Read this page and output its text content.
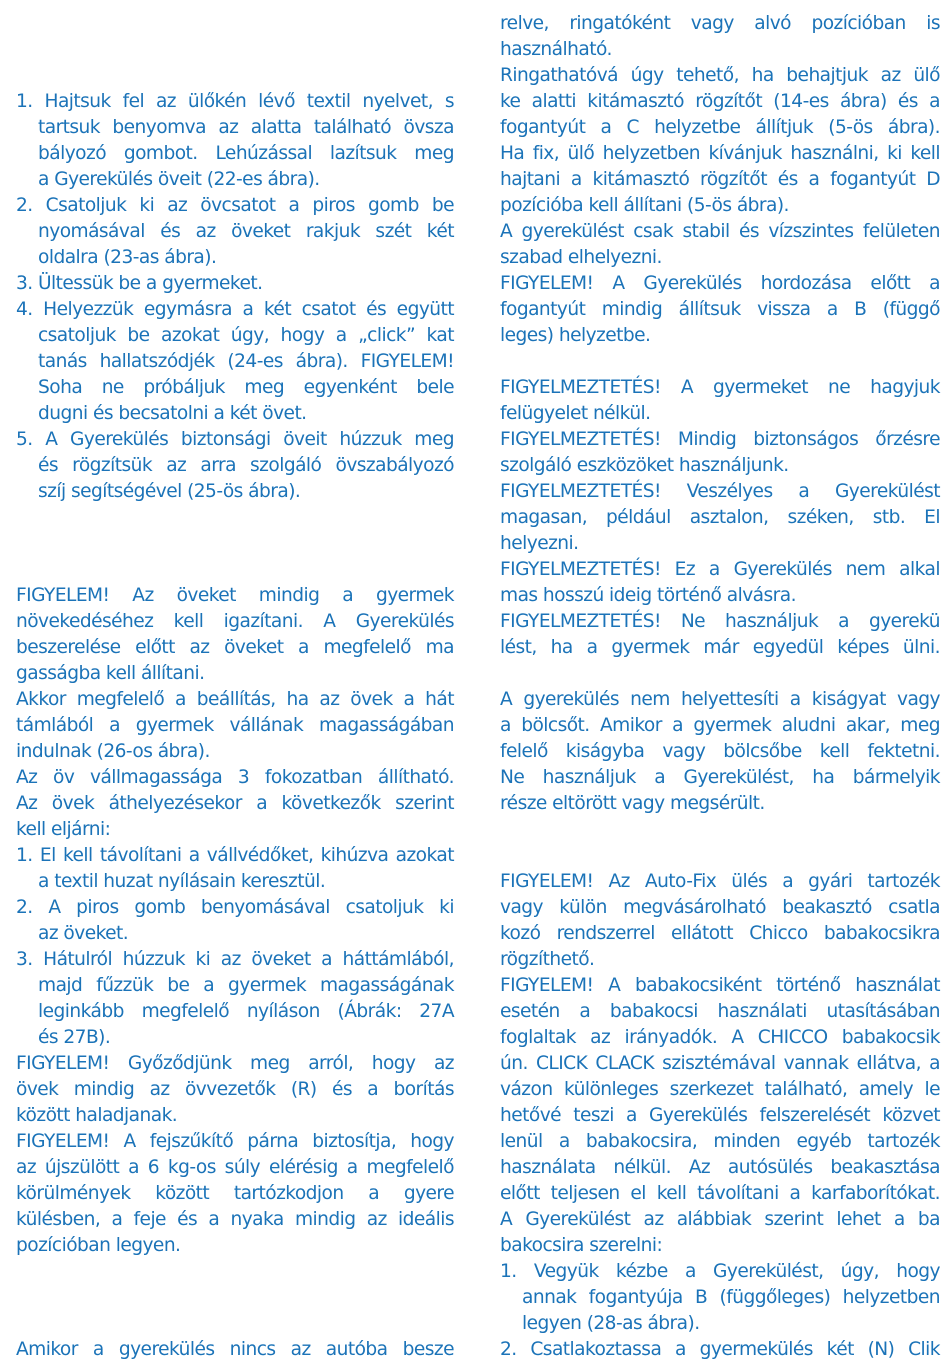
1. Hajtsuk fel az ülőkén lévő textil nyelvet, s
tartsuk benyomva az alatta található övsza
bályozó gombot. Lehúzással lazítsuk meg
a Gyerekülés öveit (22-es ábra).
2. Csatoljuk ki az övcsatot a piros gomb be
nyomásával és az öveket rakjuk szét két
oldalra (23-as ábra).
3. Ültessük be a gyermeket.
4. Helyezzük egymásra a két csatot és együtt
csatoljuk be azokat úgy, hogy a „click” kat
tanás hallatszódjék (24-es ábra). FIGYELEM!
Soha ne próbáljuk meg egyenként bele
dugni és becsatolni a két övet.
5. A Gyerekülés biztonsági öveit húzzuk meg
és rögzítsük az arra szolgáló övszabályozó
szíj segítségével (25-ös ábra).
FIGYELEM! Az öveket mindig a gyermek
növekedéséhez kell igazítani. A Gyerekülés
beszerelése előtt az öveket a megfelelő ma
gasságba kell állítani.
Akkor megfelelő a beállítás, ha az övek a hát
támlából a gyermek vállának magasságában
indulnak (26-os ábra).
Az öv vállmagassága 3 fokozatban állítható.
Az övek áthelyezésekor a következők szerint
kell eljárni:
1. El kell távolítani a vállvédőket, kihúzva azokat
a textil huzat nyílásain keresztül.
2. A piros gomb benyomásával csatoljuk ki
az öveket.
3. Hátulról húzzuk ki az öveket a háttámlából,
majd fűzzük be a gyermek magasságának
leginkább megfelelő nyíláson (Ábrák: 27A
és 27B).
FIGYELEM! Győződjünk meg arról, hogy az
övek mindig az övvezetők (R) és a borítás
között haladjanak.
FIGYELEM! A fejszűkítő párna biztosítja, hogy
az újszülött a 6 kg-os súly elérésig a megfelelő
körülmények között tartózkodjon a gyere
külésben, a feje és a nyaka mindig az ideális
pozícióban legyen.
Amikor a gyerekülés nincs az autóba besze
relve, ringatóként vagy alvó pozícióban is
használható.
Ringathatóvá úgy tehető, ha behajtjuk az ülő
ke alatti kitámasztó rögzítőt (14-es ábra) és a
fogantyút a C helyzetbe állítjuk (5-ös ábra).
Ha fix, ülő helyzetben kívánjuk használni, ki kell
hajtani a kitámasztó rögzítőt és a fogantyút D
pozícióba kell állítani (5-ös ábra).
A gyerekülést csak stabil és vízszintes felületen
szabad elhelyezni.
FIGYELEM! A Gyerekülés hordozása előtt a
fogantyút mindig állítsuk vissza a B (függő
leges) helyzetbe.
FIGYELMEZTETÉS! A gyermeket ne hagyjuk
felügyelet nélkül.
FIGYELMEZTETÉS! Mindig biztonságos őrzésre
szolgáló eszközöket használjunk.
FIGYELMEZTETÉS! Veszélyes a Gyerekülést
magasan, például asztalon, széken, stb. El
helyezni.
FIGYELMEZTETÉS! Ez a Gyerekülés nem alkal
mas hosszú ideig történő alvásra.
FIGYELMEZTETÉS! Ne használjuk a gyerekü
lést, ha a gyermek már egyedül képes ülni.
A gyerekülés nem helyettesíti a kiságyat vagy
a bölcsőt. Amikor a gyermek aludni akar, meg
felelő kiságyba vagy bölcsőbe kell fektetni.
Ne használjuk a Gyerekülést, ha bármelyik
része eltörött vagy megsérült.
FIGYELEM! Az Auto-Fix ülés a gyári tartozék
vagy külön megvásárolható beakasztó csatla
kozó rendszerrel ellátott Chicco babakocsikra
rögzíthető.
FIGYELEM! A babakocsiként történő használat
esetén a babakocsi használati utasításában
foglaltak az irányadók. A CHICCO babakocsik
ún. CLICK CLACK szisztémával vannak ellátva, a
vázon különleges szerkezet található, amely le
hetővé teszi a Gyerekülés felszerelését közvet
lenül a babakocsira, minden egyéb tartozék
használata nélkül. Az autósülés beakasztása
előtt teljesen el kell távolítani a karfaborítókat.
A Gyerekülést az alábbiak szerint lehet a ba
bakocsira szerelni:
1. Vegyük kézbe a Gyerekülést, úgy, hogy
annak fogantyúja B (függőleges) helyzetben
legyen (28-as ábra).
2. Csatlakoztassa a gyermekülés két (N) Clik
